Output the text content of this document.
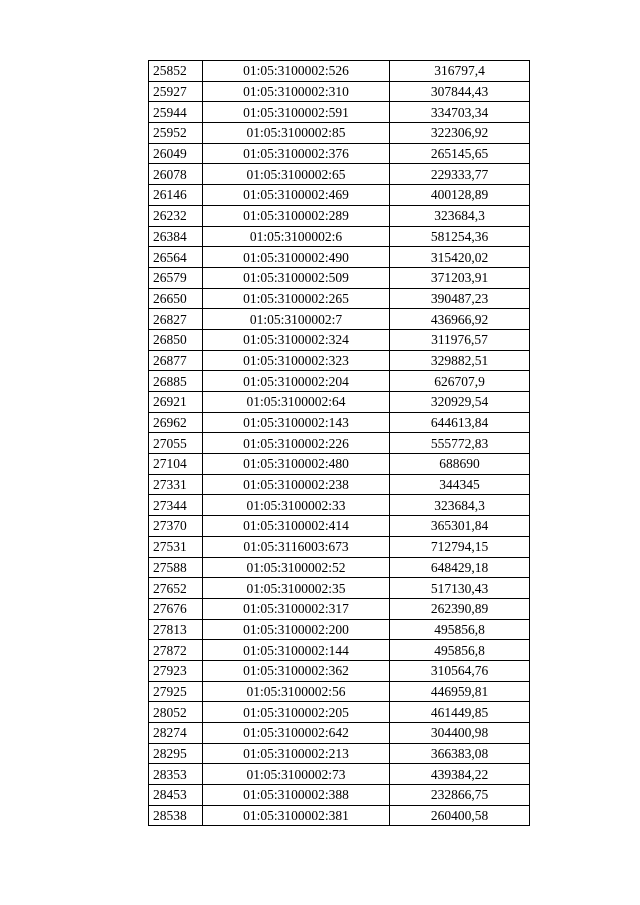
25852	01:05:3100002:526	316797,4
25927	01:05:3100002:310	307844,43
25944	01:05:3100002:591	334703,34
25952	01:05:3100002:85	322306,92
26049	01:05:3100002:376	265145,65
26078	01:05:3100002:65	229333,77
26146	01:05:3100002:469	400128,89
26232	01:05:3100002:289	323684,3
26384	01:05:3100002:6	581254,36
26564	01:05:3100002:490	315420,02
26579	01:05:3100002:509	371203,91
26650	01:05:3100002:265	390487,23
26827	01:05:3100002:7	436966,92
26850	01:05:3100002:324	311976,57
26877	01:05:3100002:323	329882,51
26885	01:05:3100002:204	626707,9
26921	01:05:3100002:64	320929,54
26962	01:05:3100002:143	644613,84
27055	01:05:3100002:226	555772,83
27104	01:05:3100002:480	688690
27331	01:05:3100002:238	344345
27344	01:05:3100002:33	323684,3
27370	01:05:3100002:414	365301,84
27531	01:05:3116003:673	712794,15
27588	01:05:3100002:52	648429,18
27652	01:05:3100002:35	517130,43
27676	01:05:3100002:317	262390,89
27813	01:05:3100002:200	495856,8
27872	01:05:3100002:144	495856,8
27923	01:05:3100002:362	310564,76
27925	01:05:3100002:56	446959,81
28052	01:05:3100002:205	461449,85
28274	01:05:3100002:642	304400,98
28295	01:05:3100002:213	366383,08
28353	01:05:3100002:73	439384,22
28453	01:05:3100002:388	232866,75
28538	01:05:3100002:381	260400,58
